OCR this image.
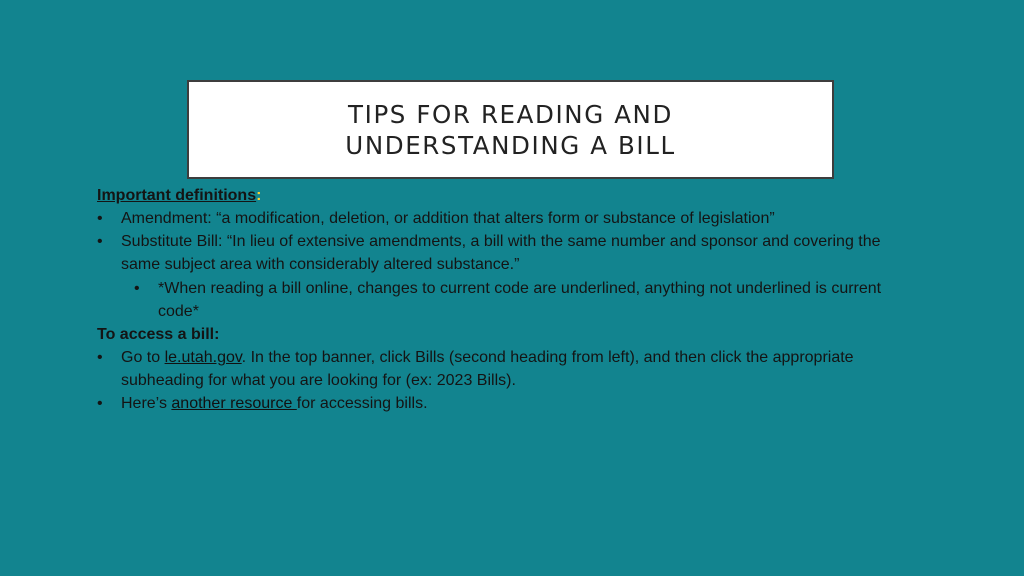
TIPS FOR READING AND
UNDERSTANDING A BILL
Important definitions:
• Amendment: “a modification, deletion, or addition that alters form or substance of legislation”
• Substitute Bill: “In lieu of extensive amendments, a bill with the same number and sponsor and covering the
same subject area with considerably altered substance.”
• *When reading a bill online, changes to current code are underlined, anything not underlined is current
code*
To access a bill:
• Go to le.utah.gov. In the top banner, click Bills (second heading from left), and then click the appropriate
subheading for what you are looking for (ex: 2023 Bills).
• Here’s another resource for accessing bills.
